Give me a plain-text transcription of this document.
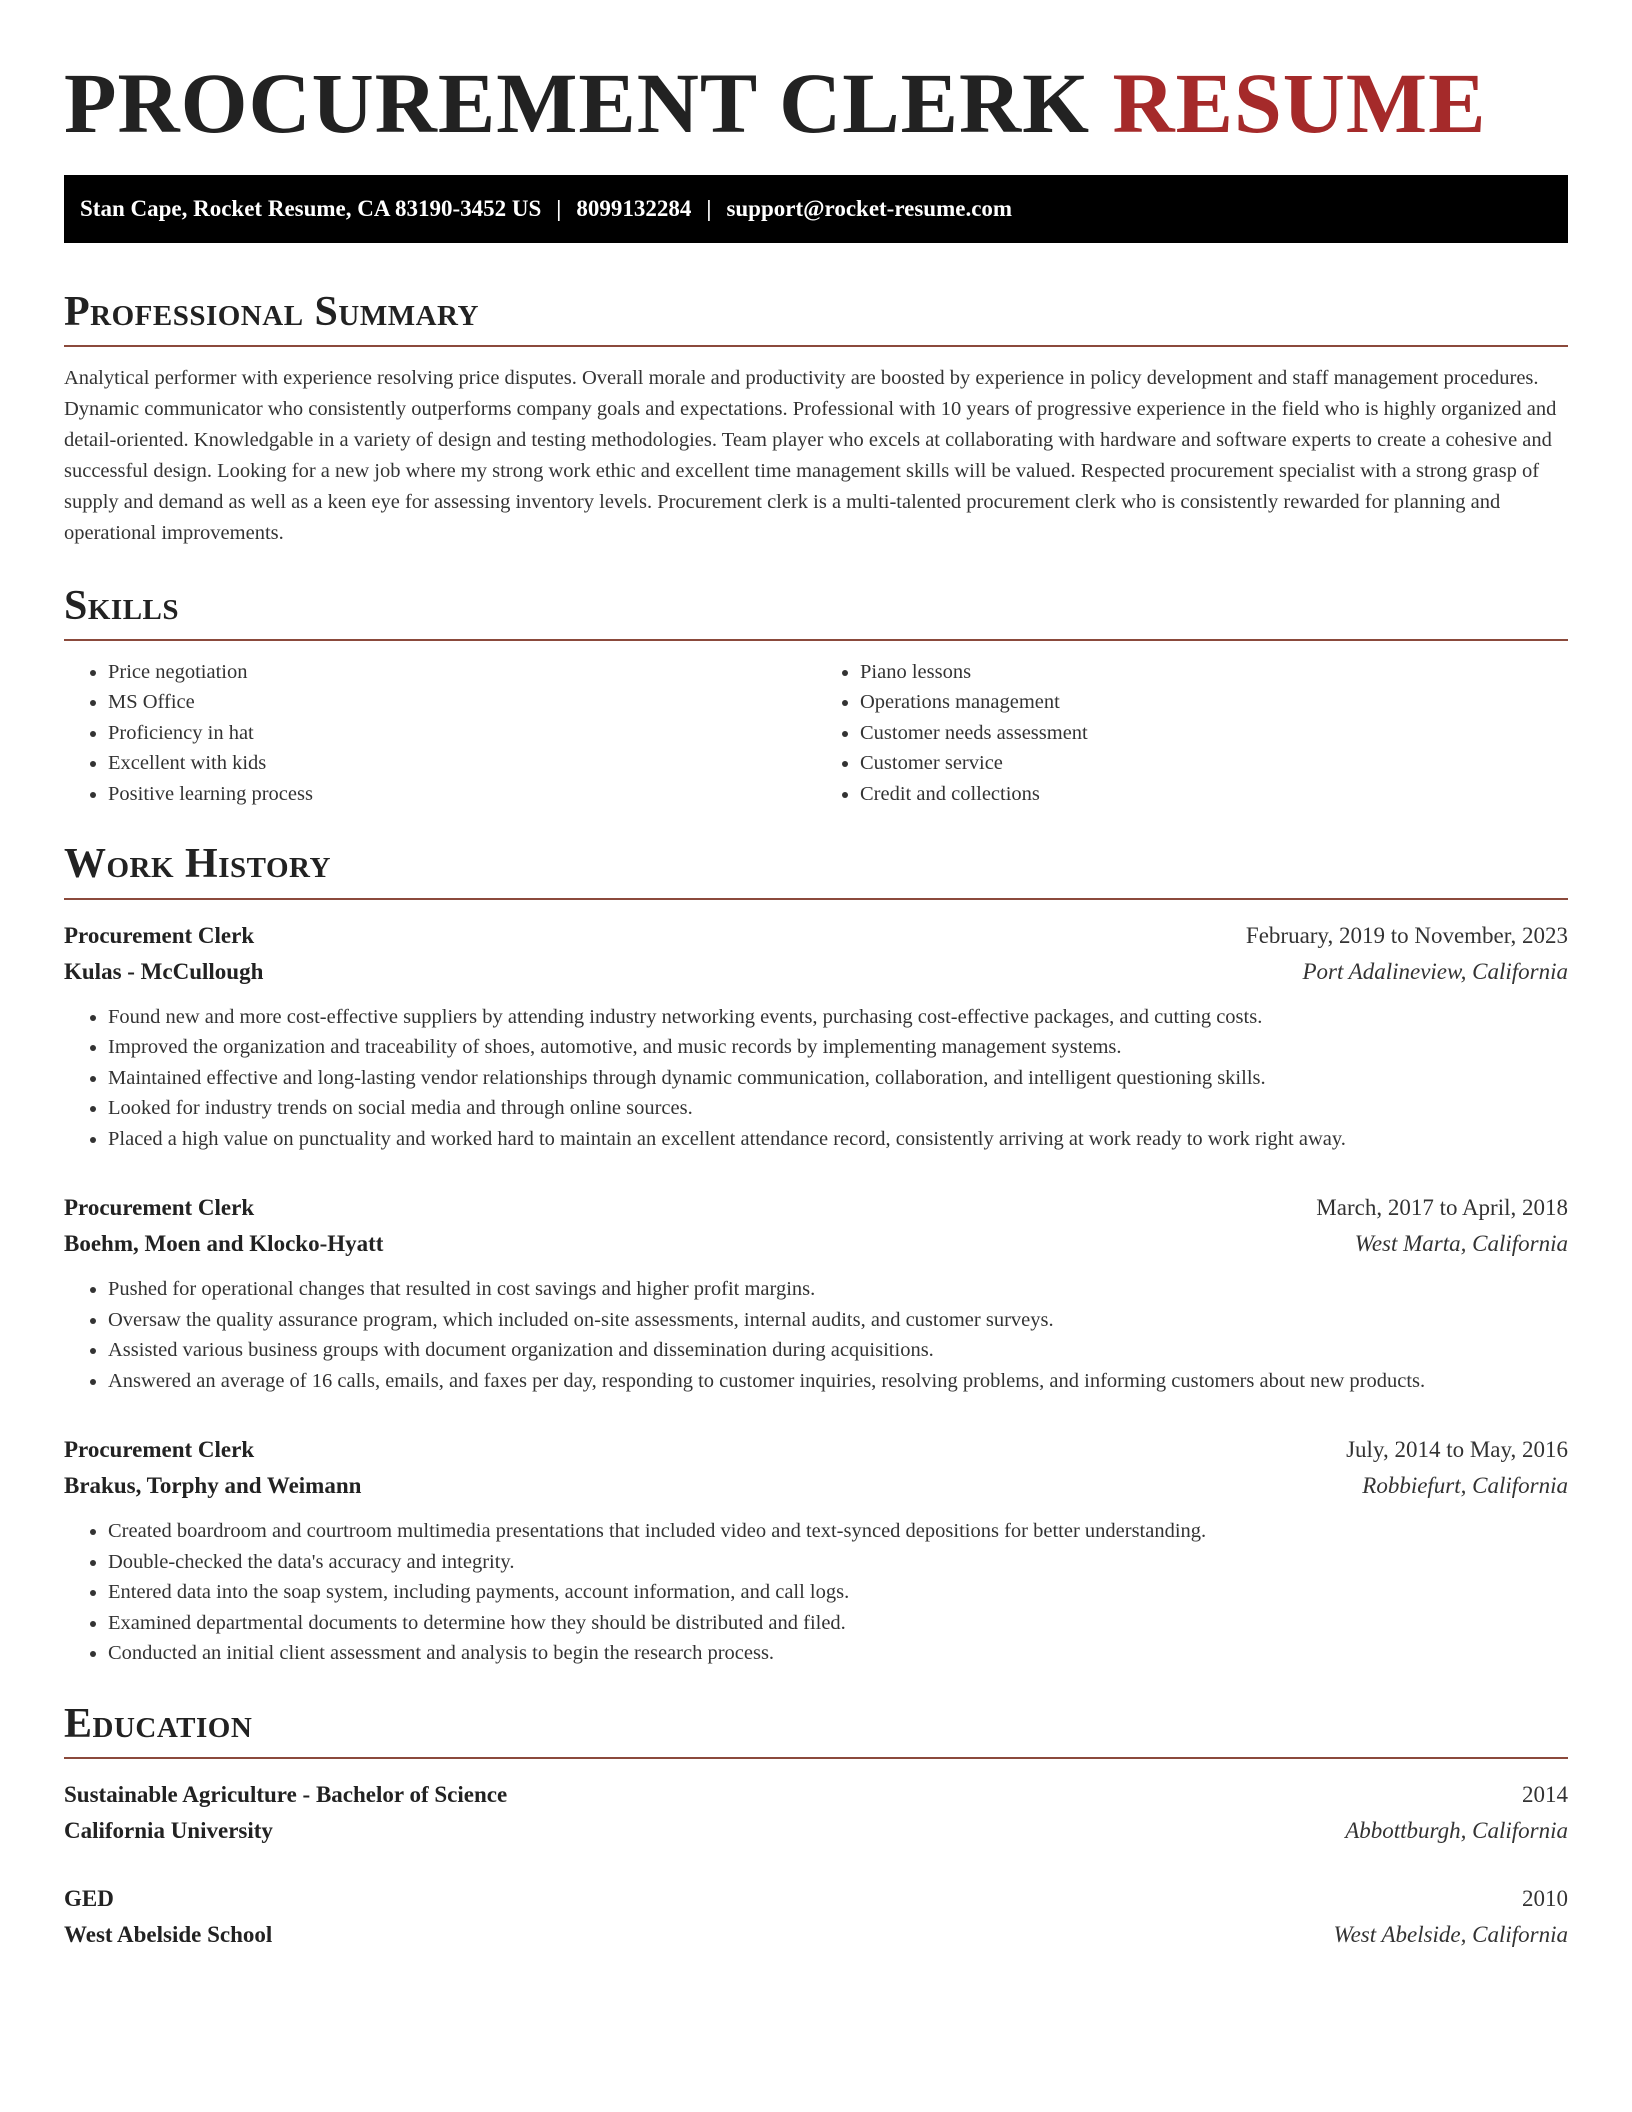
PROCUREMENT CLERK RESUME
Stan Cape, Rocket Resume, CA 83190-3452 US | 8099132284 | support@rocket-resume.com
Professional Summary

Analytical performer with experience resolving price disputes. Overall morale and productivity are boosted by experience in policy development and staff management procedures. Dynamic communicator who consistently outperforms company goals and expectations. Professional with 10 years of progressive experience in the field who is highly organized and detail-oriented. Knowledgable in a variety of design and testing methodologies. Team player who excels at collaborating with hardware and software experts to create a cohesive and successful design. Looking for a new job where my strong work ethic and excellent time management skills will be valued. Respected procurement specialist with a strong grasp of supply and demand as well as a keen eye for assessing inventory levels. Procurement clerk is a multi-talented procurement clerk who is consistently rewarded for planning and operational improvements.

Skills
• Price negotiation
• MS Office
• Proficiency in hat
• Excellent with kids
• Positive learning process
• Piano lessons
• Operations management
• Customer needs assessment
• Customer service
• Credit and collections
Work History
Procurement Clerk	February, 2019 to November, 2023
Kulas - McCullough	Port Adalineview, California
• Found new and more cost-effective suppliers by attending industry networking events, purchasing cost-effective packages, and cutting costs.
• Improved the organization and traceability of shoes, automotive, and music records by implementing management systems.
• Maintained effective and long-lasting vendor relationships through dynamic communication, collaboration, and intelligent questioning skills.
• Looked for industry trends on social media and through online sources.
• Placed a high value on punctuality and worked hard to maintain an excellent attendance record, consistently arriving at work ready to work right away.
Procurement Clerk	March, 2017 to April, 2018
Boehm, Moen and Klocko-Hyatt	West Marta, California
• Pushed for operational changes that resulted in cost savings and higher profit margins.
• Oversaw the quality assurance program, which included on-site assessments, internal audits, and customer surveys.
• Assisted various business groups with document organization and dissemination during acquisitions.
• Answered an average of 16 calls, emails, and faxes per day, responding to customer inquiries, resolving problems, and informing customers about new products.
Procurement Clerk	July, 2014 to May, 2016
Brakus, Torphy and Weimann	Robbiefurt, California
• Created boardroom and courtroom multimedia presentations that included video and text-synced depositions for better understanding.
• Double-checked the data's accuracy and integrity.
• Entered data into the soap system, including payments, account information, and call logs.
• Examined departmental documents to determine how they should be distributed and filed.
• Conducted an initial client assessment and analysis to begin the research process.
Education
Sustainable Agriculture - Bachelor of Science	2014
California University	Abbottburgh, California
GED	2010
West Abelside School	West Abelside, California
